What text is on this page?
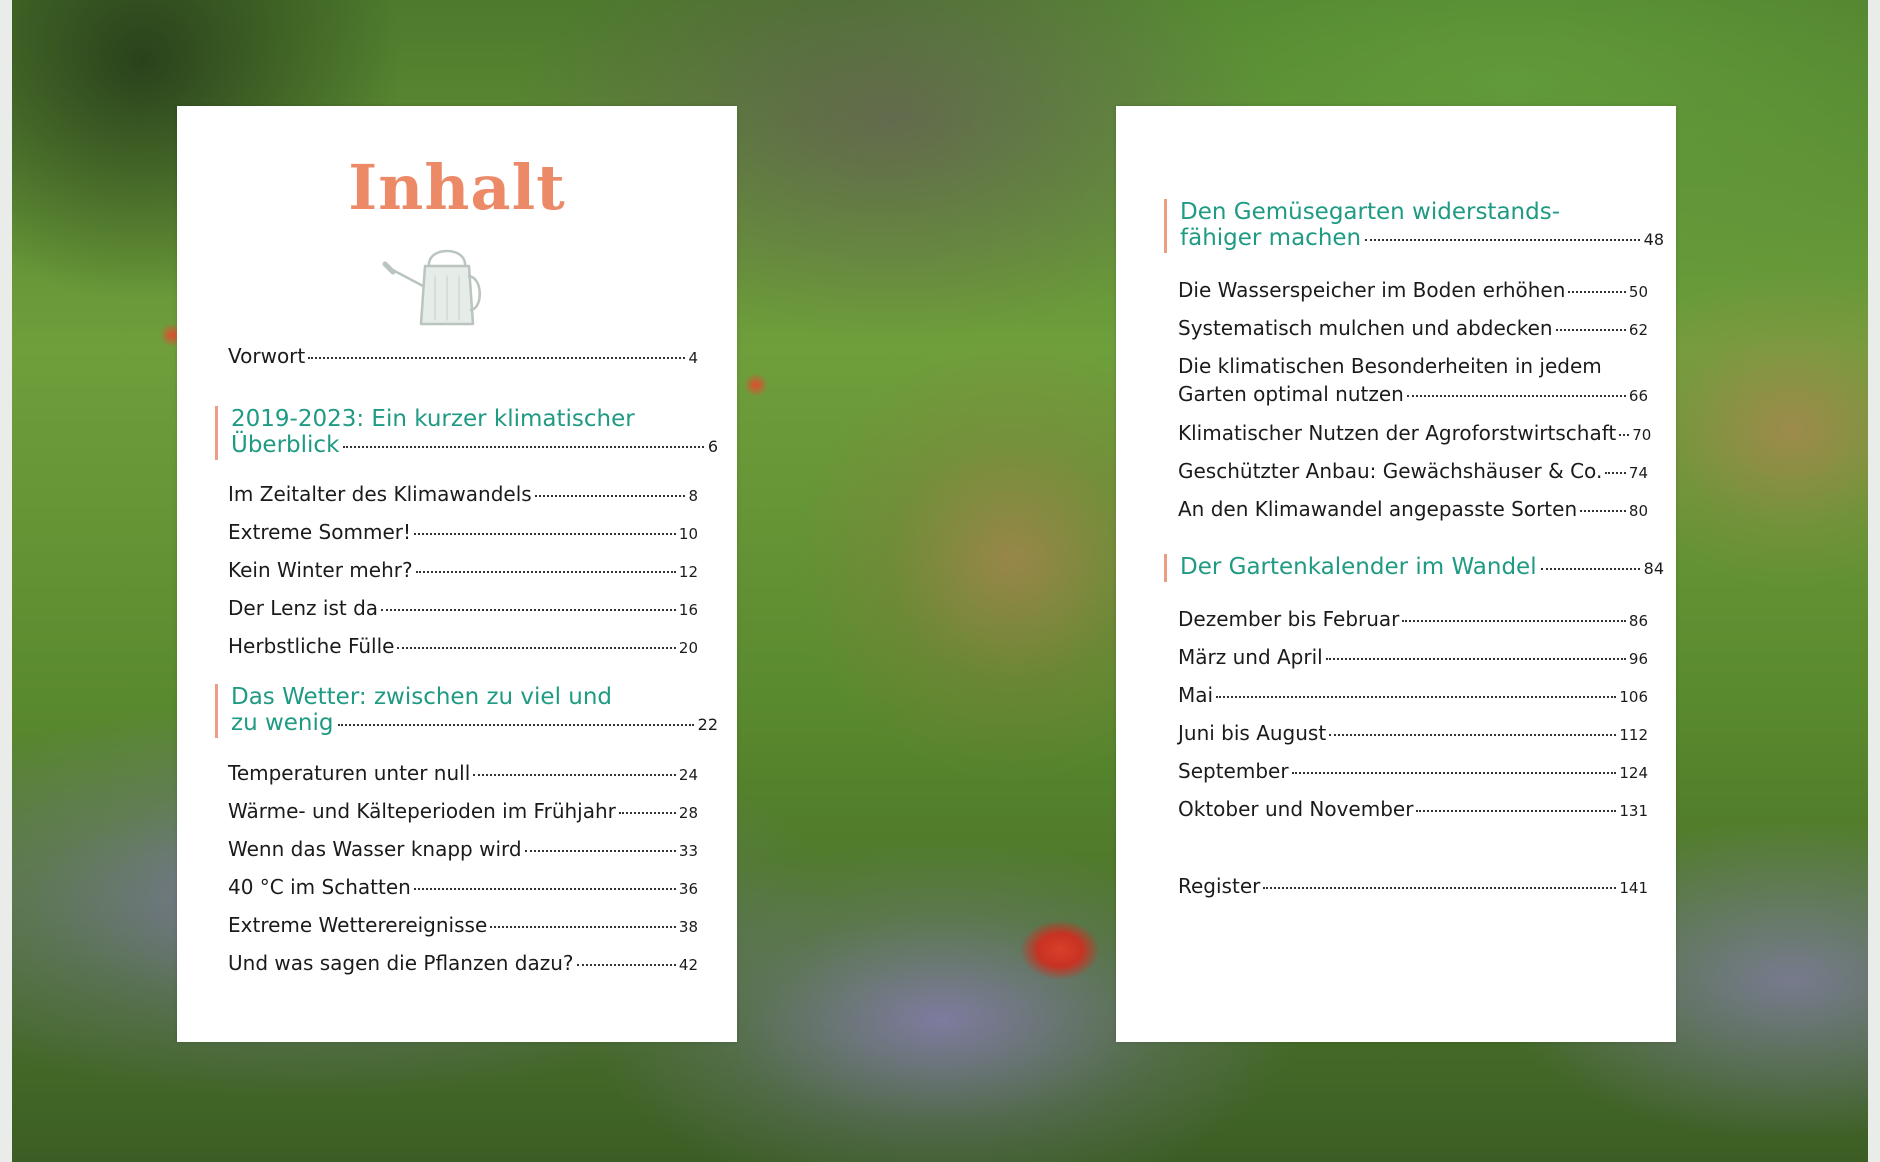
Inhalt
Vorwort	4
2019-2023: Ein kurzer klimatischer
Überblick	6
Im Zeitalter des Klimawandels	8
Extreme Sommer!	10
Kein Winter mehr?	12
Der Lenz ist da	16
Herbstliche Fülle	20
Das Wetter: zwischen zu viel und
zu wenig	22
Temperaturen unter null	24
Wärme- und Kälteperioden im Frühjahr	28
Wenn das Wasser knapp wird	33
40 °C im Schatten	36
Extreme Wetterereignisse	38
Und was sagen die Pflanzen dazu?	42
Den Gemüsegarten widerstands-
fähiger machen	48
Die Wasserspeicher im Boden erhöhen	50
Systematisch mulchen und abdecken	62
Die klimatischen Besonderheiten in jedem
Garten optimal nutzen	66
Klimatischer Nutzen der Agroforstwirtschaft 70
Geschützter Anbau: Gewächshäuser & Co. 74
An den Klimawandel angepasste Sorten	80
Der Gartenkalender im Wandel	84
Dezember bis Februar	86
März und April	96
Mai	106
Juni bis August	112
September	124
Oktober und November	131
Register	141
